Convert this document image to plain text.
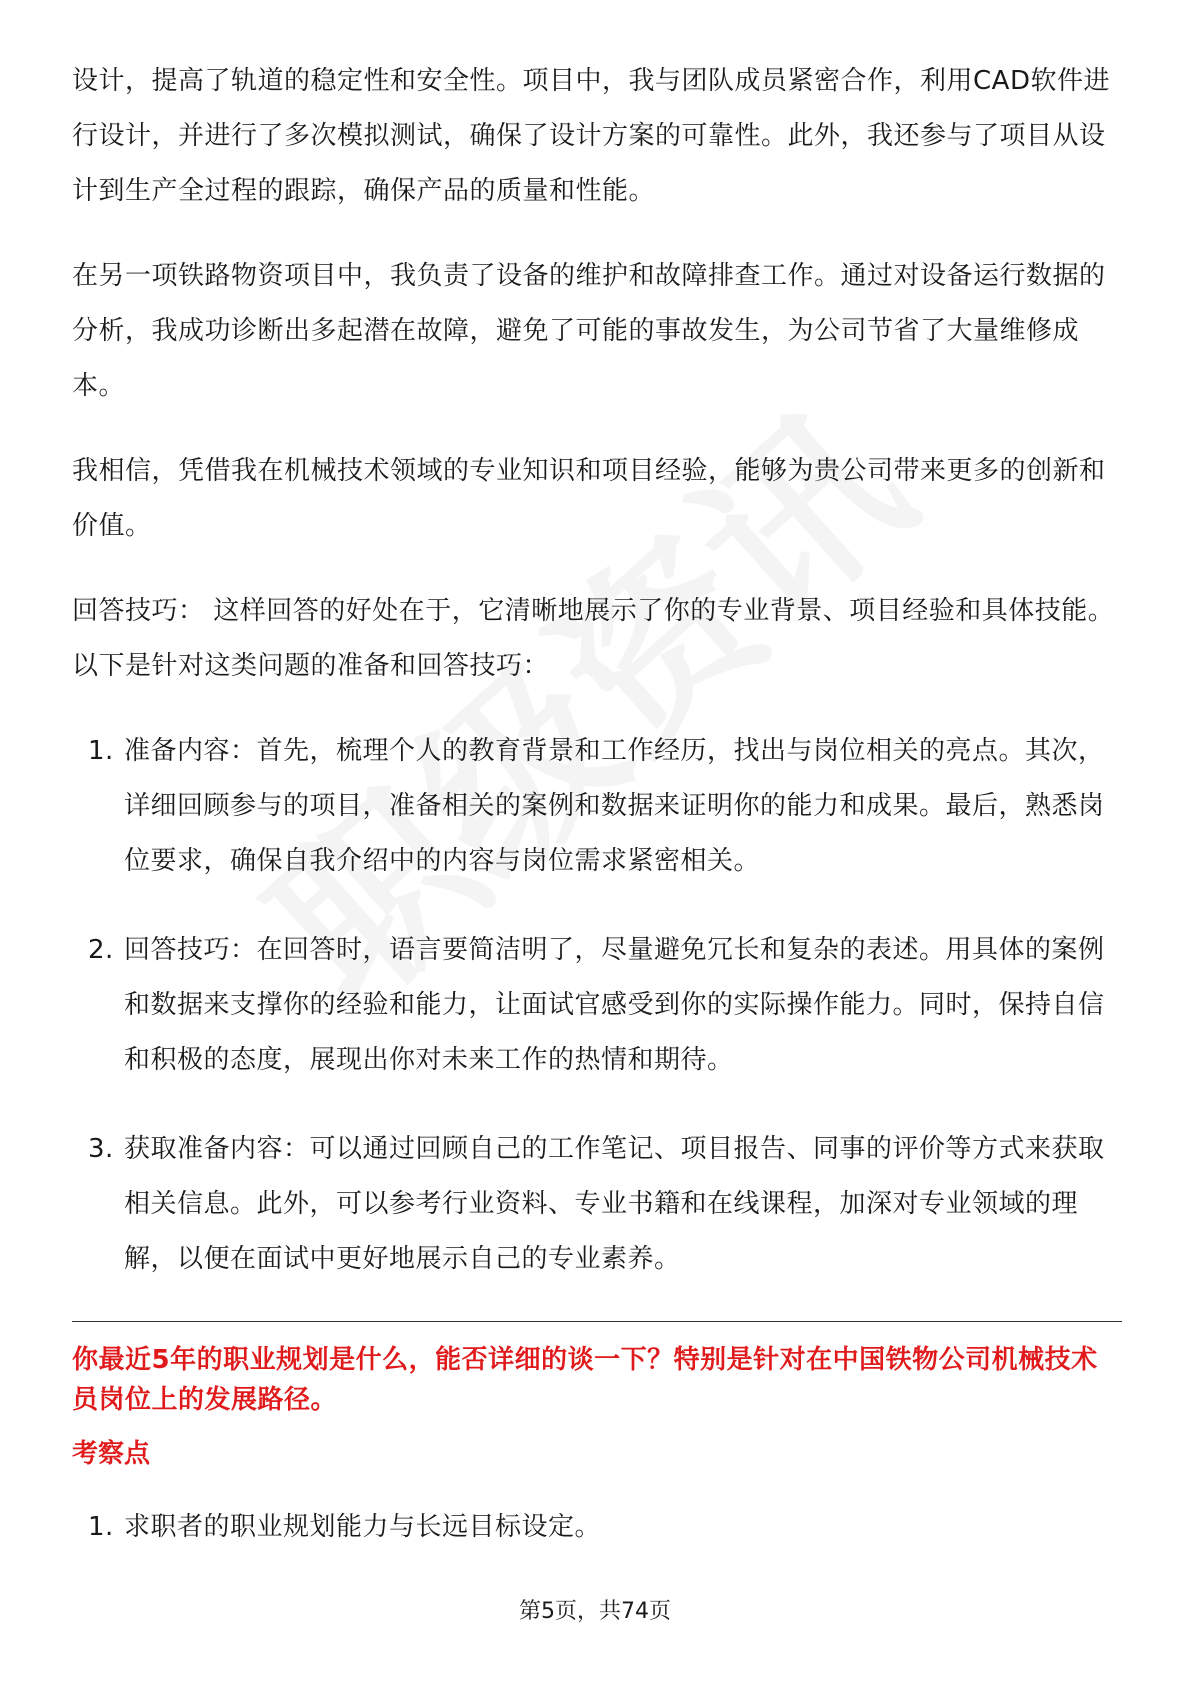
设计，提高了轨道的稳定性和安全性。项目中，我与团队成员紧密合作，利用CAD软件进行设计，并进行了多次模拟测试，确保了设计方案的可靠性。此外，我还参与了项目从设计到生产全过程的跟踪，确保产品的质量和性能。

在另一项铁路物资项目中，我负责了设备的维护和故障排查工作。通过对设备运行数据的分析，我成功诊断出多起潜在故障，避免了可能的事故发生，为公司节省了大量维修成本。

我相信，凭借我在机械技术领域的专业知识和项目经验，能够为贵公司带来更多的创新和价值。

回答技巧： 这样回答的好处在于，它清晰地展示了你的专业背景、项目经验和具体技能。以下是针对这类问题的准备和回答技巧：

1. 准备内容：首先，梳理个人的教育背景和工作经历，找出与岗位相关的亮点。其次，详细回顾参与的项目，准备相关的案例和数据来证明你的能力和成果。最后，熟悉岗位要求，确保自我介绍中的内容与岗位需求紧密相关。
2. 回答技巧：在回答时，语言要简洁明了，尽量避免冗长和复杂的表述。用具体的案例和数据来支撑你的经验和能力，让面试官感受到你的实际操作能力。同时，保持自信和积极的态度，展现出你对未来工作的热情和期待。
3. 获取准备内容：可以通过回顾自己的工作笔记、项目报告、同事的评价等方式来获取相关信息。此外，可以参考行业资料、专业书籍和在线课程，加深对专业领域的理解，以便在面试中更好地展示自己的专业素养。

你最近5年的职业规划是什么，能否详细的谈一下？特别是针对在中国铁物公司机械技术员岗位上的发展路径。

考察点

1. 求职者的职业规划能力与长远目标设定。
第5页，共74页
